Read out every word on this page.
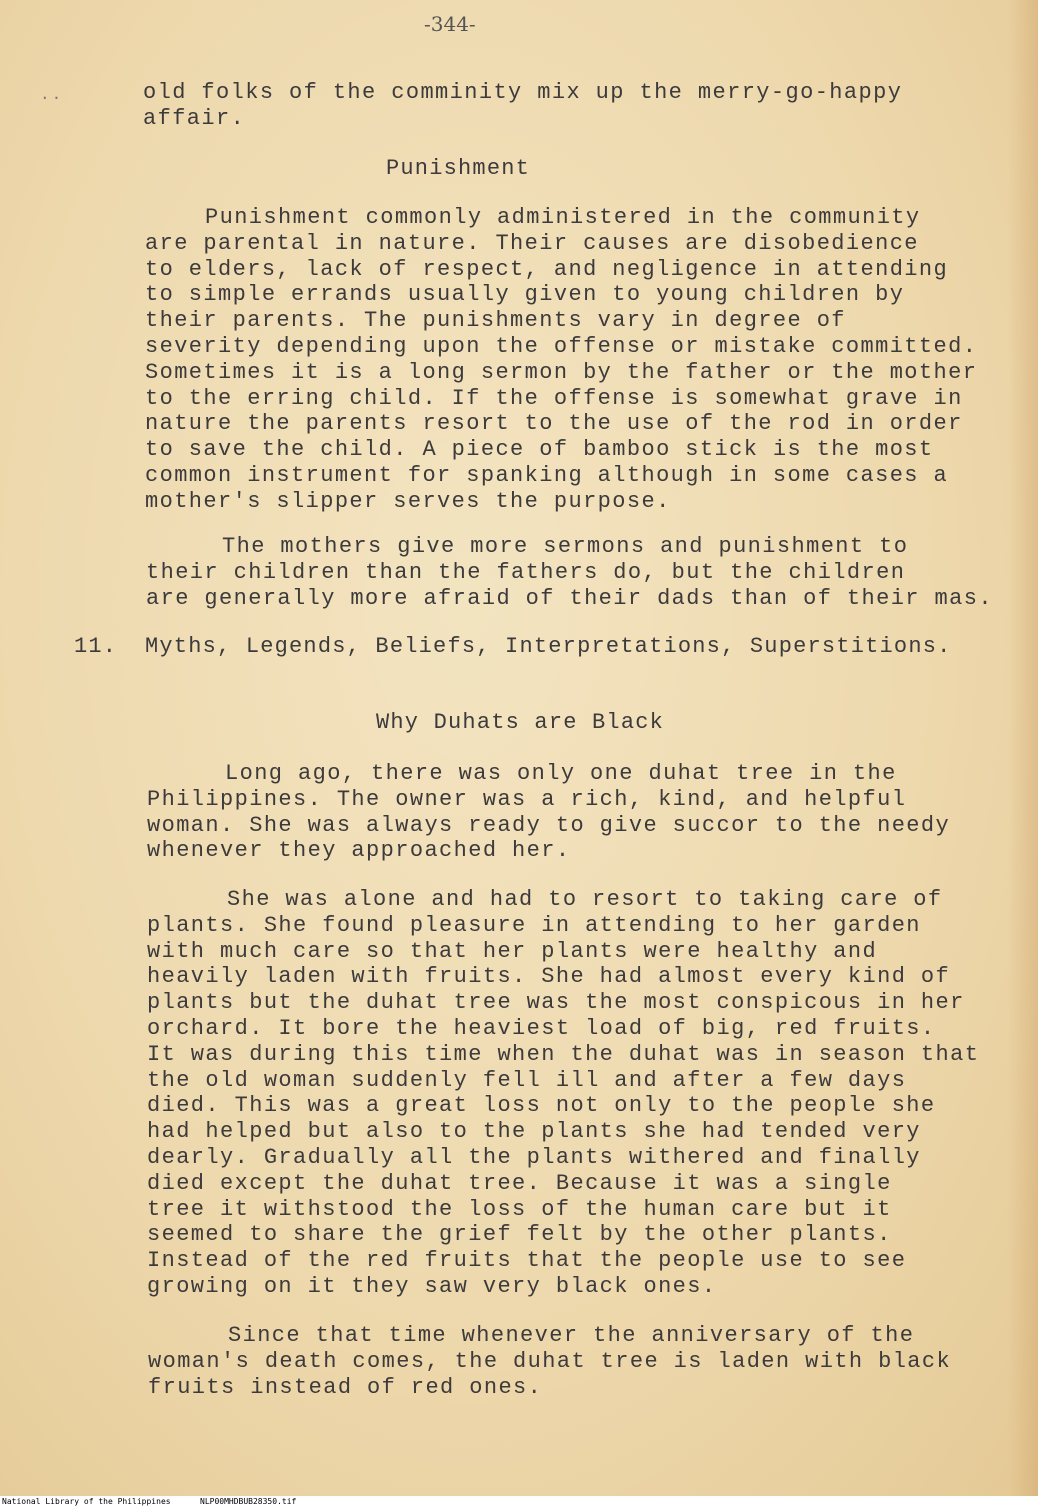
-344-
..	old folks of the comminity mix up the merry-go-happy
affair.
Punishment
Punishment commonly administered in the community
are parental in nature. Their causes are disobedience
to elders, lack of respect, and negligence in attending
to simple errands usually given to young children by
their parents. The punishments vary in degree of
severity depending upon the offense or mistake committed.
Sometimes it is a long sermon by the father or the mother
to the erring child. If the offense is somewhat grave in
nature the parents resort to the use of the rod in order
to save the child. A piece of bamboo stick is the most
common instrument for spanking although in some cases a
mother's slipper serves the purpose.
The mothers give more sermons and punishment to
their children than the fathers do, but the children
are generally more afraid of their dads than of their mas.
11. Myths, Legends, Beliefs, Interpretations, Superstitions.
Why Duhats are Black
Long ago, there was only one duhat tree in the
Philippines. The owner was a rich, kind, and helpful
woman. She was always ready to give succor to the needy
whenever they approached her.
She was alone and had to resort to taking care of
plants. She found pleasure in attending to her garden
with much care so that her plants were healthy and
heavily laden with fruits. She had almost every kind of
plants but the duhat tree was the most conspicous in her
orchard. It bore the heaviest load of big, red fruits.
It was during this time when the duhat was in season that
the old woman suddenly fell ill and after a few days
died. This was a great loss not only to the people she
had helped but also to the plants she had tended very
dearly. Gradually all the plants withered and finally
died except the duhat tree. Because it was a single
tree it withstood the loss of the human care but it
seemed to share the grief felt by the other plants.
Instead of the red fruits that the people use to see
growing on it they saw very black ones.
Since that time whenever the anniversary of the
woman's death comes, the duhat tree is laden with black
fruits instead of red ones.
National Library of the Philippines	NLP00MHDBUB28350.tif
